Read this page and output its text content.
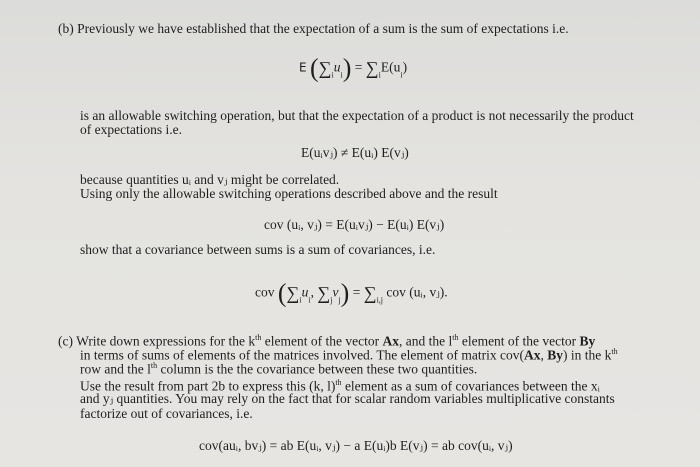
(b) Previously we have established that the expectation of a sum is the sum of expectations i.e.
E $(\sum_iu_i) = \sum_iE(u_i)$
is an allowable switching operation, but that the expectation of a product is not necessarily the product
of expectations i.e.
E(uᵢvⱼ) ≠ E(uᵢ) E(vⱼ)
because quantities uᵢ and vⱼ might be correlated.
Using only the allowable switching operations described above and the result
cov (uᵢ, vⱼ) = E(uᵢvⱼ) − E(uᵢ) E(vⱼ)
show that a covariance between sums is a sum of covariances, i.e.
cov ($\sum_iu_i$, $\sum_jv_j) = \sum_{i,j}$ cov (uᵢ, vⱼ).
(c) Write down expressions for the $k^{th}$ element of the vector Ax, and the $l^{th}$ element of the vector By
in terms of sums of elements of the matrices involved. The element of matrix cov(Ax, By) in the $k^{th}$
row and the $l^{th}$ column is the the covariance between these two quantities.
Use the result from part 2b to express this (k, l)$^{th}$ element as a sum of covariances between the xᵢ
and yⱼ quantities. You may rely on the fact that for scalar random variables multiplicative constants
factorize out of covariances, i.e.
cov(auᵢ, bvⱼ) = ab E(uᵢ, vⱼ) − a E(uᵢ)b E(vⱼ) = ab cov(uᵢ, vⱼ)
